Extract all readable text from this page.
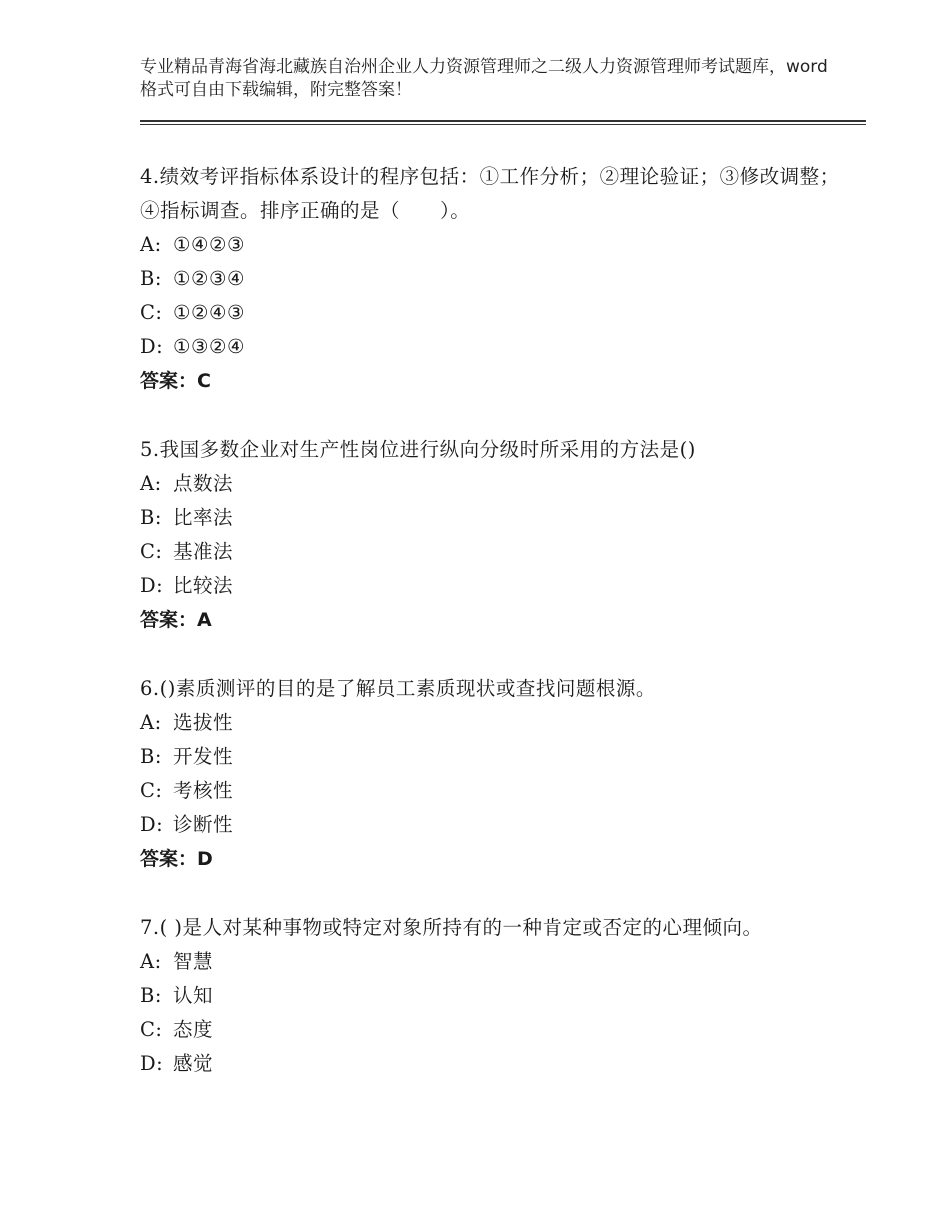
专业精品青海省海北藏族自治州企业人力资源管理师之二级人力资源管理师考试题库，word格式可自由下载编辑，附完整答案！

4.绩效考评指标体系设计的程序包括：①工作分析；②理论验证；③修改调整；④指标调查。排序正确的是（　　）。

A: ①④②③

B: ①②③④

C: ①②④③

D: ①③②④

答案：C

5.我国多数企业对生产性岗位进行纵向分级时所采用的方法是()

A: 点数法

B: 比率法

C: 基准法

D: 比较法

答案：A

6.()素质测评的目的是了解员工素质现状或查找问题根源。

A: 选拔性

B: 开发性

C: 考核性

D: 诊断性

答案：D

7.( )是人对某种事物或特定对象所持有的一种肯定或否定的心理倾向。

A: 智慧

B: 认知

C: 态度

D: 感觉
